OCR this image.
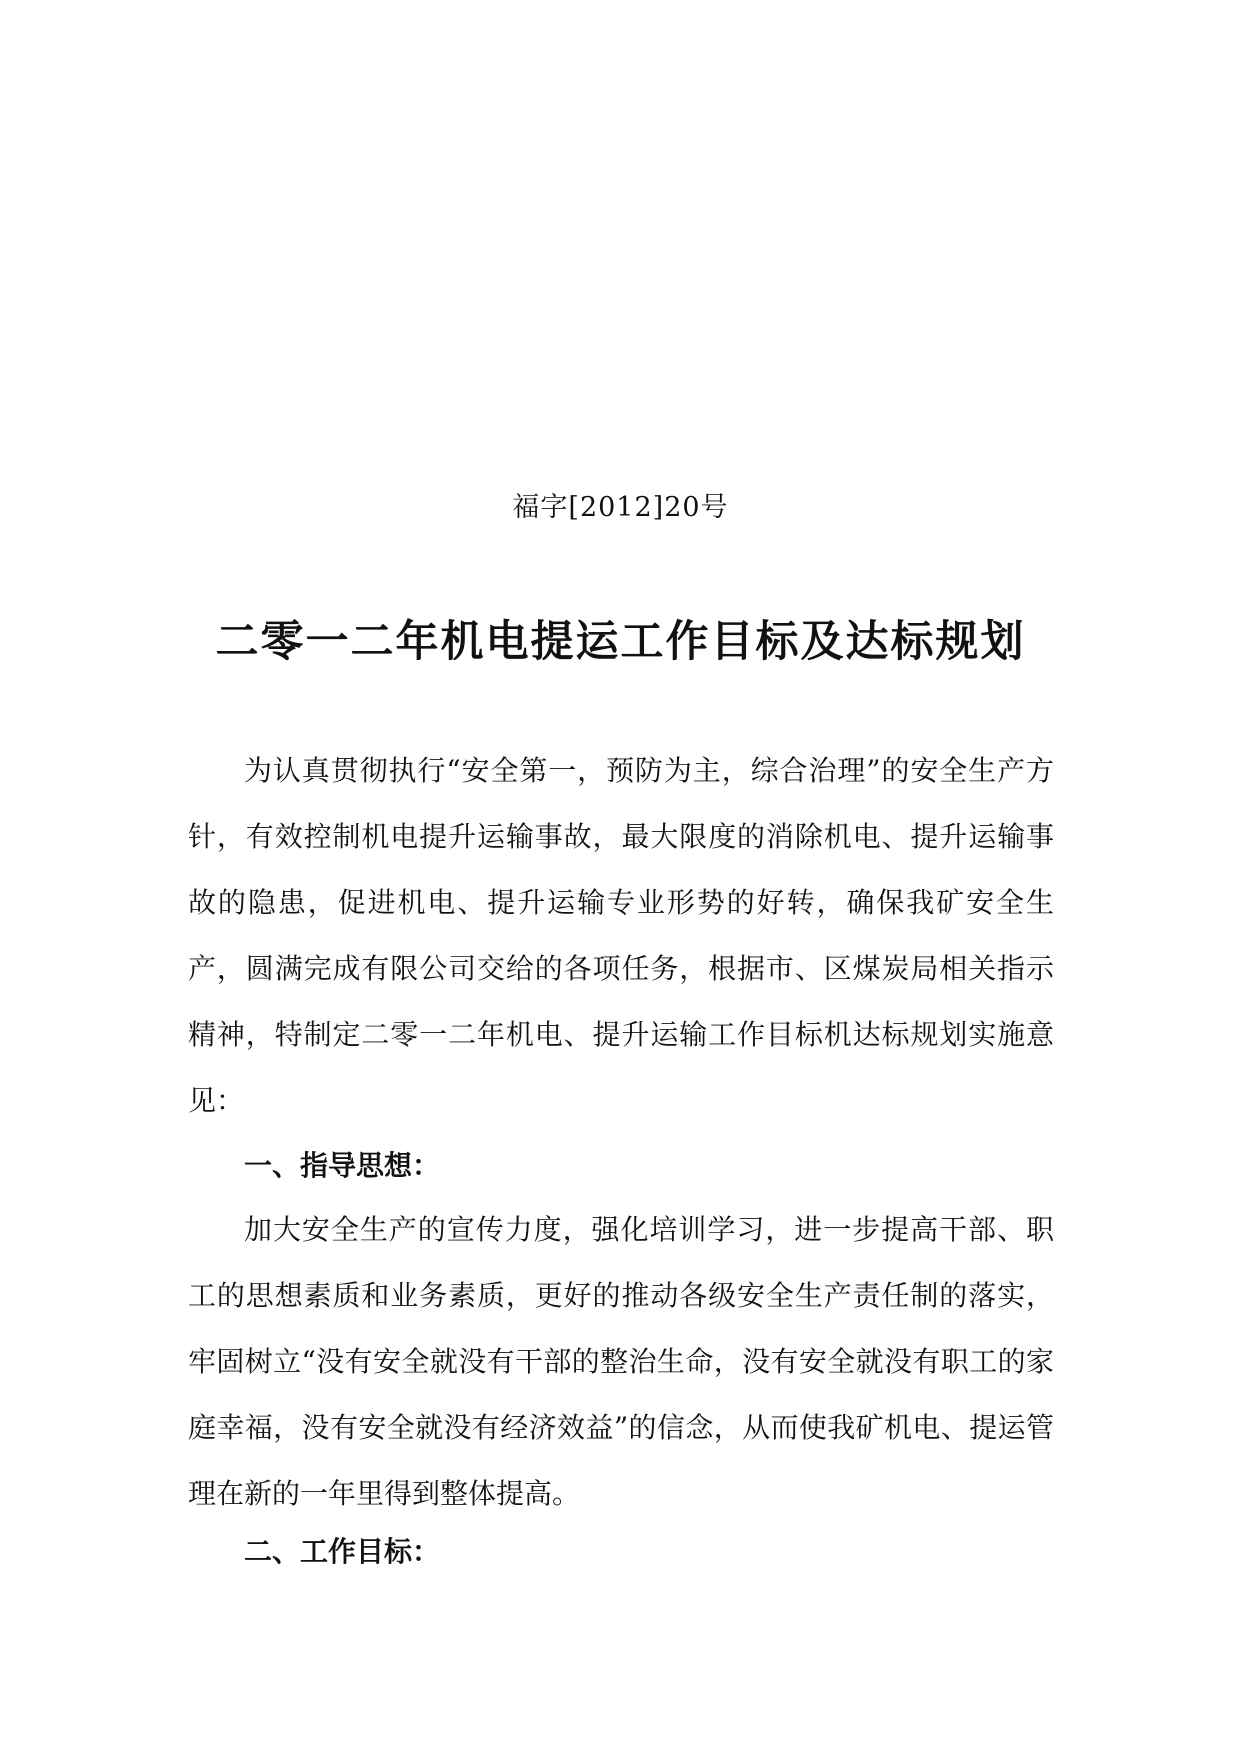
福字[2012]20号
二零一二年机电提运工作目标及达标规划
为认真贯彻执行“安全第一，预防为主，综合治理”的安全生产方针，有效控制机电提升运输事故，最大限度的消除机电、提升运输事故的隐患，促进机电、提升运输专业形势的好转，确保我矿安全生产，圆满完成有限公司交给的各项任务，根据市、区煤炭局相关指示精神，特制定二零一二年机电、提升运输工作目标机达标规划实施意见：
一、指导思想：
加大安全生产的宣传力度，强化培训学习，进一步提高干部、职工的思想素质和业务素质，更好的推动各级安全生产责任制的落实，牢固树立“没有安全就没有干部的整治生命，没有安全就没有职工的家庭幸福，没有安全就没有经济效益”的信念，从而使我矿机电、提运管理在新的一年里得到整体提高。
二、工作目标：
